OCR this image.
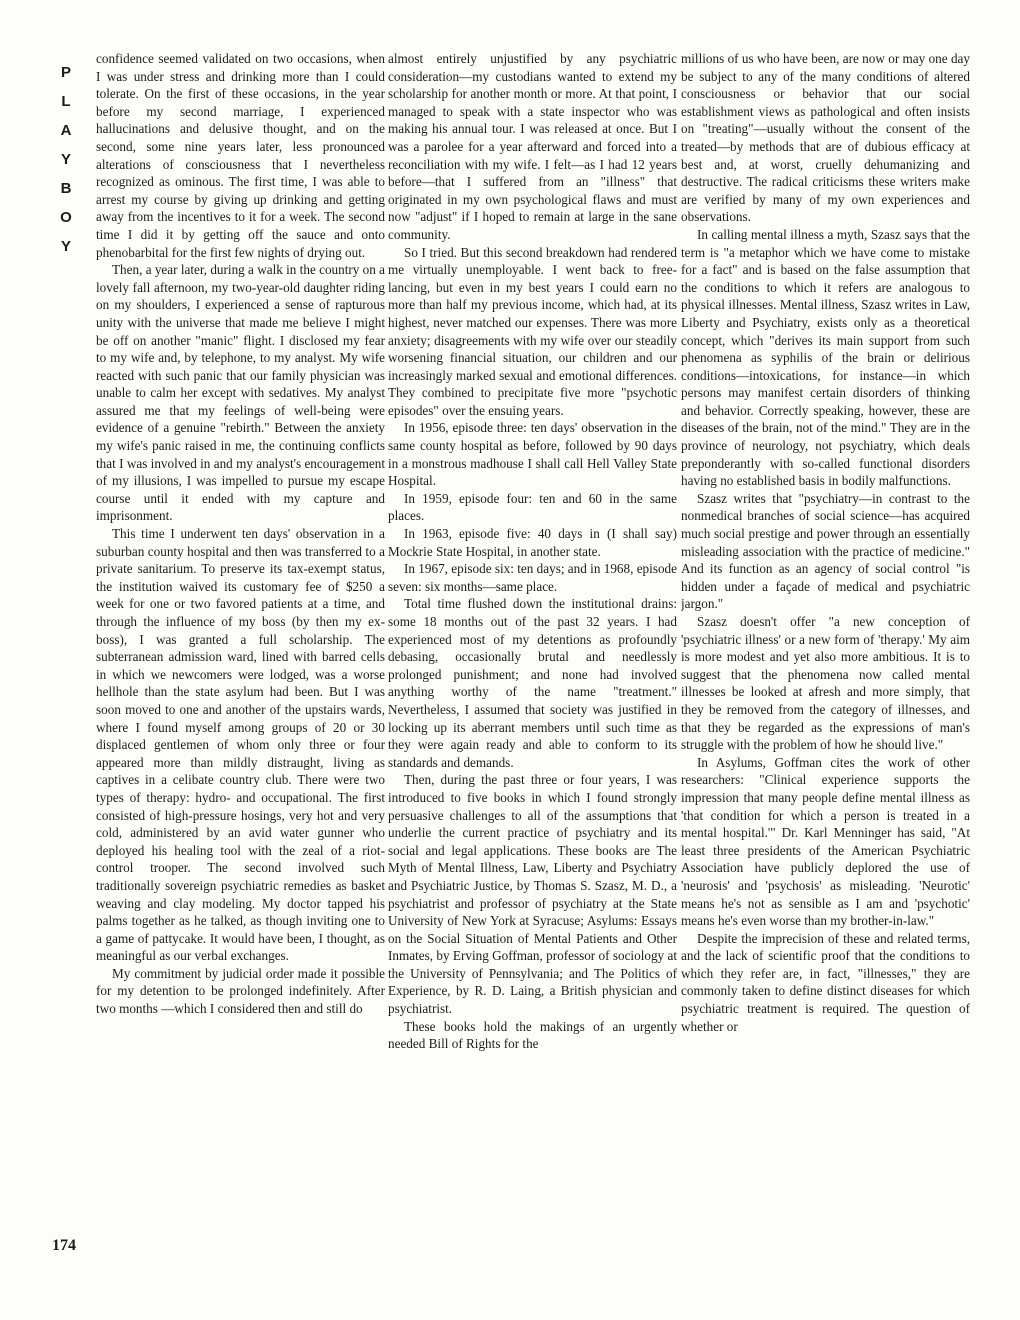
P
L
A
Y
B
O
Y

confidence seemed validated on two occasions, when I was under stress and drinking more than I could tolerate. On the first of these occasions, in the year before my second marriage, I experienced hallucinations and delusive thought, and on the second, some nine years later, less pronounced alterations of consciousness that I nevertheless recognized as ominous. The first time, I was able to arrest my course by giving up drinking and getting away from the incentives to it for a week. The second time I did it by getting off the sauce and onto phenobarbital for the first few nights of drying out.

Then, a year later, during a walk in the country on a lovely fall afternoon, my two-year-old daughter riding on my shoulders, I experienced a sense of rapturous unity with the universe that made me believe I might be off on another "manic" flight. I disclosed my fear to my wife and, by telephone, to my analyst. My wife reacted with such panic that our family physician was unable to calm her except with sedatives. My analyst assured me that my feelings of well-being were evidence of a genuine "rebirth." Between the anxiety my wife's panic raised in me, the continuing conflicts that I was involved in and my analyst's encouragement of my illusions, I was impelled to pursue my escape course until it ended with my capture and imprisonment.

This time I underwent ten days' observation in a suburban county hospital and then was transferred to a private sanitarium. To preserve its tax-exempt status, the institution waived its customary fee of $250 a week for one or two favored patients at a time, and through the influence of my boss (by then my ex-boss), I was granted a full scholarship. The subterranean admission ward, lined with barred cells in which we newcomers were lodged, was a worse hellhole than the state asylum had been. But I was soon moved to one and another of the upstairs wards, where I found myself among groups of 20 or 30 displaced gentlemen of whom only three or four appeared more than mildly distraught, living as captives in a celibate country club. There were two types of therapy: hydro- and occupational. The first consisted of high-pressure hosings, very hot and very cold, administered by an avid water gunner who deployed his healing tool with the zeal of a riot-control trooper. The second involved such traditionally sovereign psychiatric remedies as basket weaving and clay modeling. My doctor tapped his palms together as he talked, as though inviting one to a game of pattycake. It would have been, I thought, as meaningful as our verbal exchanges.

My commitment by judicial order made it possible for my detention to be prolonged indefinitely. After two months —which I considered then and still do

almost entirely unjustified by any psychiatric consideration—my custodians wanted to extend my scholarship for another month or more. At that point, I managed to speak with a state inspector who was making his annual tour. I was released at once. But I was a parolee for a year afterward and forced into a reconciliation with my wife. I felt—as I had 12 years before—that I suffered from an "illness" that originated in my own psychological flaws and must now "adjust" if I hoped to remain at large in the sane community.

So I tried. But this second breakdown had rendered me virtually unemployable. I went back to free-lancing, but even in my best years I could earn no more than half my previous income, which had, at its highest, never matched our expenses. There was more anxiety; disagreements with my wife over our steadily worsening financial situation, our children and our increasingly marked sexual and emotional differences. They combined to precipitate five more "psychotic episodes" over the ensuing years.

In 1956, episode three: ten days' observation in the same county hospital as before, followed by 90 days in a monstrous madhouse I shall call Hell Valley State Hospital.

In 1959, episode four: ten and 60 in the same places.

In 1963, episode five: 40 days in (I shall say) Mockrie State Hospital, in another state.

In 1967, episode six: ten days; and in 1968, episode seven: six months—same place.

Total time flushed down the institutional drains: some 18 months out of the past 32 years. I had experienced most of my detentions as profoundly debasing, occasionally brutal and needlessly prolonged punishment; and none had involved anything worthy of the name "treatment." Nevertheless, I assumed that society was justified in locking up its aberrant members until such time as they were again ready and able to conform to its standards and demands.

Then, during the past three or four years, I was introduced to five books in which I found strongly persuasive challenges to all of the assumptions that underlie the current practice of psychiatry and its social and legal applications. These books are The Myth of Mental Illness, Law, Liberty and Psychiatry and Psychiatric Justice, by Thomas S. Szasz, M. D., a psychiatrist and professor of psychiatry at the State University of New York at Syracuse; Asylums: Essays on the Social Situation of Mental Patients and Other Inmates, by Erving Goffman, professor of sociology at the University of Pennsylvania; and The Politics of Experience, by R. D. Laing, a British physician and psychiatrist.

These books hold the makings of an urgently needed Bill of Rights for the

millions of us who have been, are now or may one day be subject to any of the many conditions of altered consciousness or behavior that our social establishment views as pathological and often insists on "treating"—usually without the consent of the treated—by methods that are of dubious efficacy at best and, at worst, cruelly dehumanizing and destructive. The radical criticisms these writers make are verified by many of my own experiences and observations.

In calling mental illness a myth, Szasz says that the term is "a metaphor which we have come to mistake for a fact" and is based on the false assumption that the conditions to which it refers are analogous to physical illnesses. Mental illness, Szasz writes in Law, Liberty and Psychiatry, exists only as a theoretical concept, which "derives its main support from such phenomena as syphilis of the brain or delirious conditions—intoxications, for instance—in which persons may manifest certain disorders of thinking and behavior. Correctly speaking, however, these are diseases of the brain, not of the mind." They are in the province of neurology, not psychiatry, which deals preponderantly with so-called functional disorders having no established basis in bodily malfunctions.

Szasz writes that "psychiatry—in contrast to the nonmedical branches of social science—has acquired much social prestige and power through an essentially misleading association with the practice of medicine." And its function as an agency of social control "is hidden under a façade of medical and psychiatric jargon."

Szasz doesn't offer "a new conception of 'psychiatric illness' or a new form of 'therapy.' My aim is more modest and yet also more ambitious. It is to suggest that the phenomena now called mental illnesses be looked at afresh and more simply, that they be removed from the category of illnesses, and that they be regarded as the expressions of man's struggle with the problem of how he should live."

In Asylums, Goffman cites the work of other researchers: "Clinical experience supports the impression that many people define mental illness as 'that condition for which a person is treated in a mental hospital.'" Dr. Karl Menninger has said, "At least three presidents of the American Psychiatric Association have publicly deplored the use of 'neurosis' and 'psychosis' as misleading. 'Neurotic' means he's not as sensible as I am and 'psychotic' means he's even worse than my brother-in-law."

Despite the imprecision of these and related terms, and the lack of scientific proof that the conditions to which they refer are, in fact, "illnesses," they are commonly taken to define distinct diseases for which psychiatric treatment is required. The question of whether or

174
